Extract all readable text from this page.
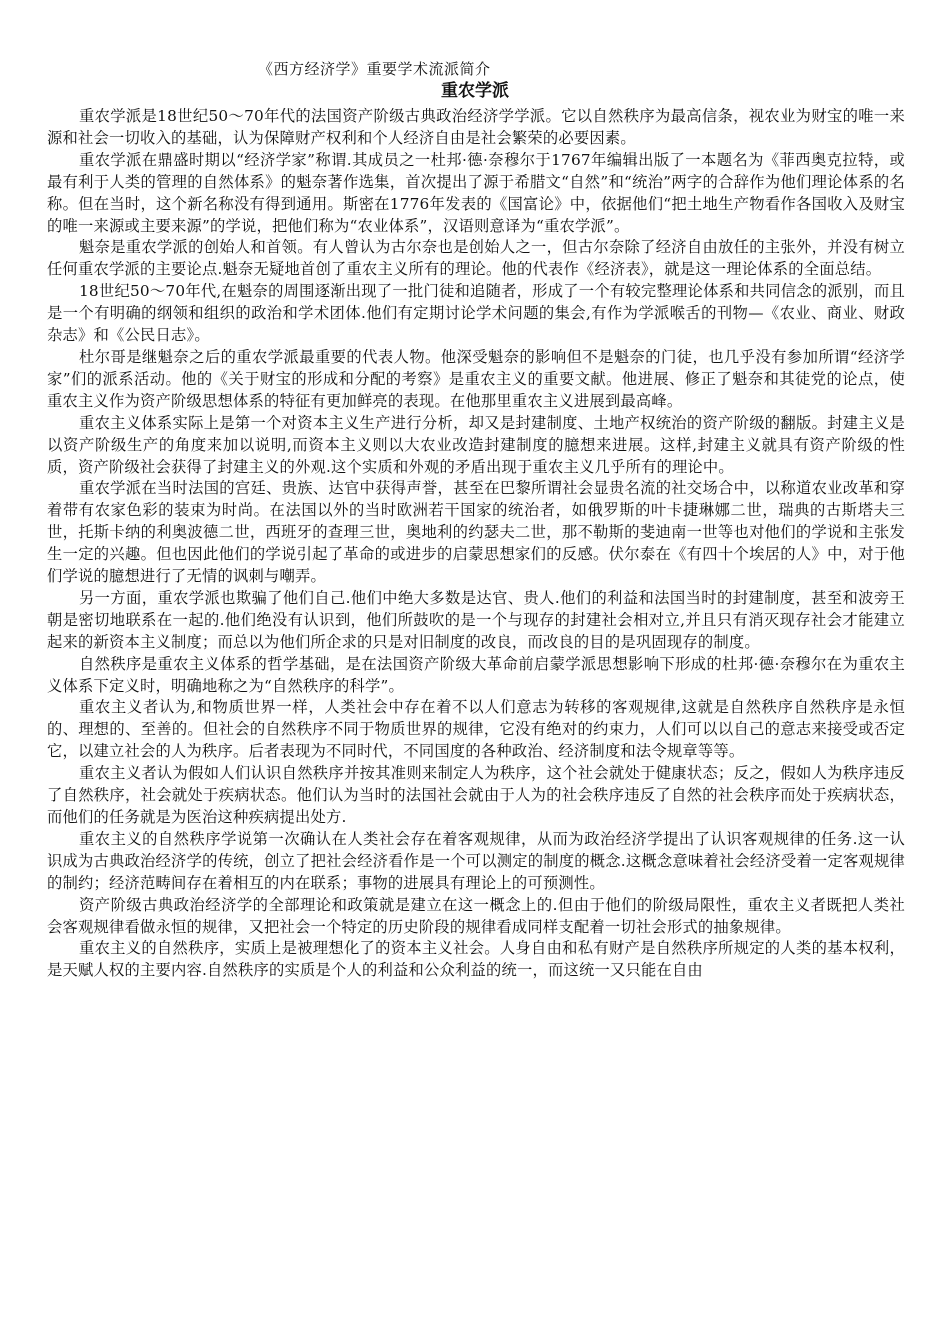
《西方经济学》重要学术流派简介
重农学派

重农学派是18世纪50～70年代的法国资产阶级古典政治经济学学派。它以自然秩序为最高信条，视农业为财宝的唯一来源和社会一切收入的基础，认为保障财产权利和个人经济自由是社会繁荣的必要因素。

重农学派在鼎盛时期以“经济学家”称谓.其成员之一杜邦·德·奈穆尔于1767年编辑出版了一本题名为《菲西奥克拉特，或最有利于人类的管理的自然体系》的魁奈著作选集，首次提出了源于希腊文“自然”和“统治”两字的合辞作为他们理论体系的名称。但在当时，这个新名称没有得到通用。斯密在1776年发表的《国富论》中，依据他们“把土地生产物看作各国收入及财宝的唯一来源或主要来源”的学说，把他们称为“农业体系”，汉语则意译为“重农学派”。

魁奈是重农学派的创始人和首领。有人曾认为古尔奈也是创始人之一，但古尔奈除了经济自由放任的主张外，并没有树立任何重农学派的主要论点.魁奈无疑地首创了重农主义所有的理论。他的代表作《经济表》，就是这一理论体系的全面总结。

18世纪50～70年代,在魁奈的周围逐渐出现了一批门徒和追随者，形成了一个有较完整理论体系和共同信念的派别，而且是一个有明确的纲领和组织的政治和学术团体.他们有定期讨论学术问题的集会,有作为学派喉舌的刊物—《农业、商业、财政杂志》和《公民日志》。

杜尔哥是继魁奈之后的重农学派最重要的代表人物。他深受魁奈的影响但不是魁奈的门徒，也几乎没有参加所谓“经济学家”们的派系活动。他的《关于财宝的形成和分配的考察》是重农主义的重要文献。他进展、修正了魁奈和其徒党的论点，使重农主义作为资产阶级思想体系的特征有更加鲜亮的表现。在他那里重农主义进展到最高峰。

重农主义体系实际上是第一个对资本主义生产进行分析，却又是封建制度、土地产权统治的资产阶级的翻版。封建主义是以资产阶级生产的角度来加以说明,而资本主义则以大农业改造封建制度的臆想来进展。这样,封建主义就具有资产阶级的性质，资产阶级社会获得了封建主义的外观.这个实质和外观的矛盾出现于重农主义几乎所有的理论中。

重农学派在当时法国的宫廷、贵族、达官中获得声誉，甚至在巴黎所谓社会显贵名流的社交场合中，以称道农业改革和穿着带有农家色彩的装束为时尚。在法国以外的当时欧洲若干国家的统治者，如俄罗斯的叶卡捷琳娜二世，瑞典的古斯塔夫三世，托斯卡纳的利奥波德二世，西班牙的查理三世，奥地利的约瑟夫二世，那不勒斯的斐迪南一世等也对他们的学说和主张发生一定的兴趣。但也因此他们的学说引起了革命的或进步的启蒙思想家们的反感。伏尔泰在《有四十个埃居的人》中，对于他们学说的臆想进行了无情的讽刺与嘲弄。

另一方面，重农学派也欺骗了他们自己.他们中绝大多数是达官、贵人.他们的利益和法国当时的封建制度，甚至和波旁王朝是密切地联系在一起的.他们绝没有认识到，他们所鼓吹的是一个与现存的封建社会相对立,并且只有消灭现存社会才能建立起来的新资本主义制度；而总以为他们所企求的只是对旧制度的改良，而改良的目的是巩固现存的制度。

自然秩序是重农主义体系的哲学基础，是在法国资产阶级大革命前启蒙学派思想影响下形成的杜邦·德·奈穆尔在为重农主义体系下定义时，明确地称之为“自然秩序的科学”。

重农主义者认为,和物质世界一样，人类社会中存在着不以人们意志为转移的客观规律,这就是自然秩序自然秩序是永恒的、理想的、至善的。但社会的自然秩序不同于物质世界的规律，它没有绝对的约束力，人们可以以自己的意志来接受或否定它，以建立社会的人为秩序。后者表现为不同时代，不同国度的各种政治、经济制度和法令规章等等。

重农主义者认为假如人们认识自然秩序并按其准则来制定人为秩序，这个社会就处于健康状态；反之，假如人为秩序违反了自然秩序，社会就处于疾病状态。他们认为当时的法国社会就由于人为的社会秩序违反了自然的社会秩序而处于疾病状态，而他们的任务就是为医治这种疾病提出处方.

重农主义的自然秩序学说第一次确认在人类社会存在着客观规律，从而为政治经济学提出了认识客观规律的任务.这一认识成为古典政治经济学的传统，创立了把社会经济看作是一个可以测定的制度的概念.这概念意味着社会经济受着一定客观规律的制约；经济范畴间存在着相互的内在联系；事物的进展具有理论上的可预测性。

资产阶级古典政治经济学的全部理论和政策就是建立在这一概念上的.但由于他们的阶级局限性，重农主义者既把人类社会客观规律看做永恒的规律，又把社会一个特定的历史阶段的规律看成同样支配着一切社会形式的抽象规律。

重农主义的自然秩序，实质上是被理想化了的资本主义社会。人身自由和私有财产是自然秩序所规定的人类的基本权利，是天赋人权的主要内容.自然秩序的实质是个人的利益和公众利益的统一，而这统一又只能在自由
